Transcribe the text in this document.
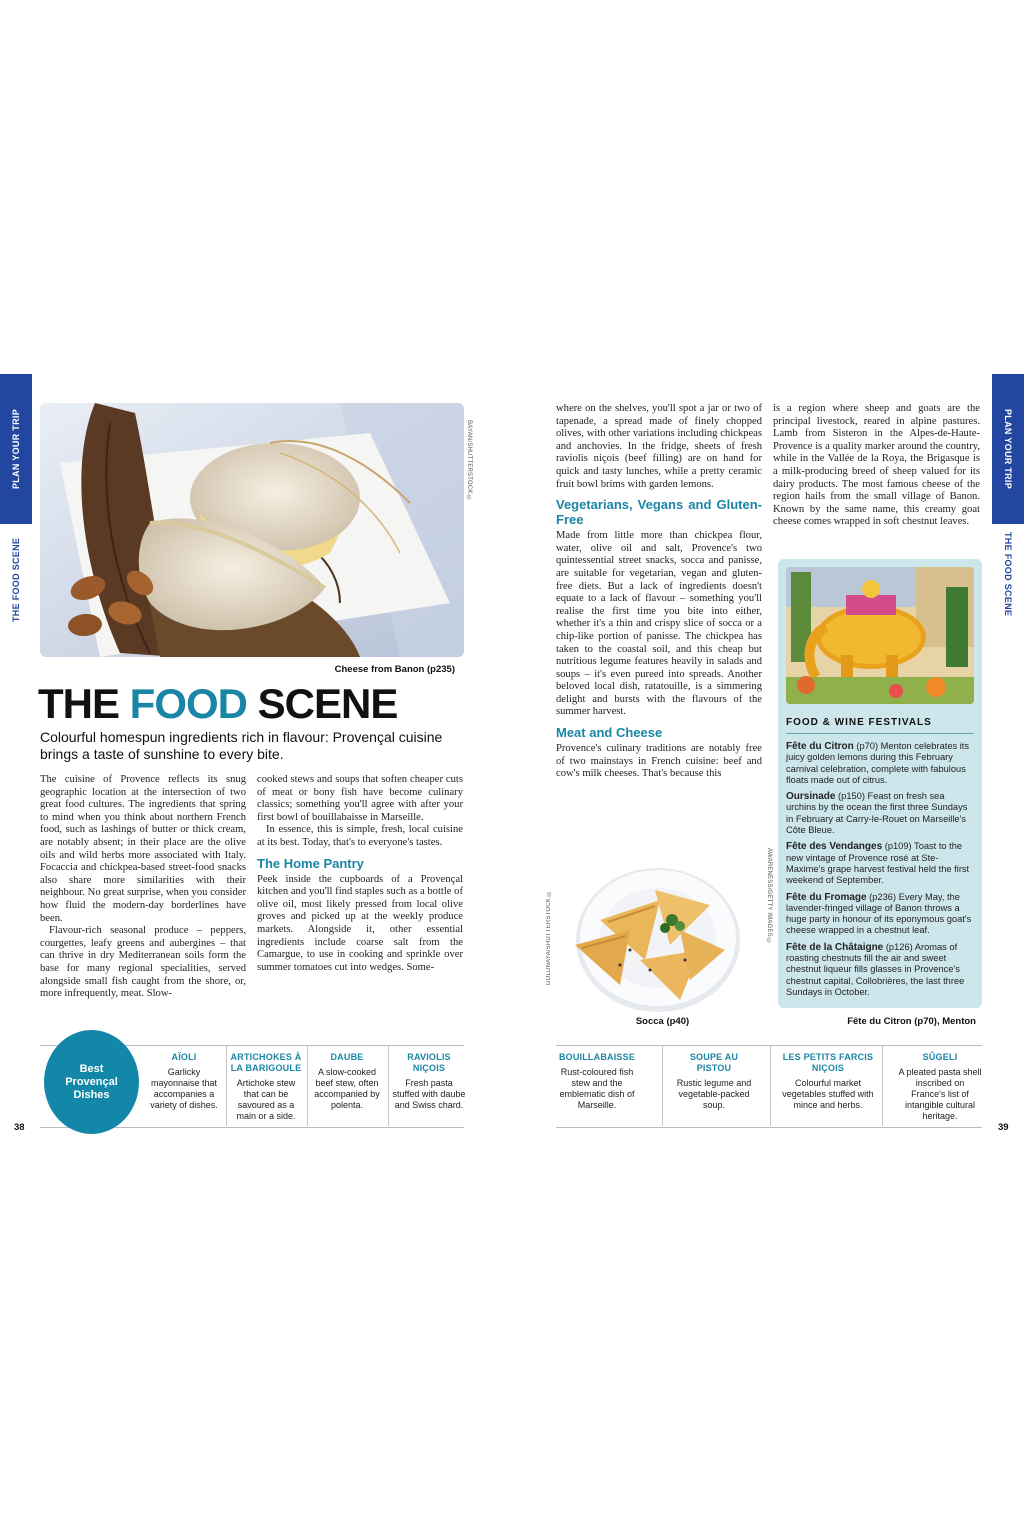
PLAN YOUR TRIP
THE FOOD SCENE
BAYAN/SHUTTERSTOCK ©
Cheese from Banon (p235)
THE FOOD SCENE
Colourful homespun ingredients rich in flavour: Provençal cuisine brings a taste of sunshine to every bite.

The cuisine of Provence reflects its snug geographic location at the intersection of two great food cultures. The ingredients that spring to mind when you think about northern French food, such as lashings of butter or thick cream, are notably absent; in their place are the olive oils and wild herbs more associated with Italy. Focaccia and chickpea-based street-food snacks also share more similarities with their neighbour. No great surprise, when you consider how fluid the modern-day borderlines have been.

Flavour-rich seasonal produce – peppers, courgettes, leafy greens and aubergines – that can thrive in dry Mediterranean soils form the base for many regional specialities, served alongside small fish caught from the shore, or, more infrequently, meat. Slow-

cooked stews and soups that soften cheaper cuts of meat or bony fish have become culinary classics; something you'll agree with after your first bowl of bouillabaisse in Marseille.

In essence, this is simple, fresh, local cuisine at its best. Today, that's to everyone's tastes.

The Home Pantry

Peek inside the cupboards of a Provençal kitchen and you'll find staples such as a bottle of olive oil, most likely pressed from local olive groves and picked up at the weekly produce markets. Alongside it, other essential ingredients include coarse salt from the Camargue, to use in cooking and sprinkle over summer tomatoes cut into wedges. Some-

where on the shelves, you'll spot a jar or two of tapenade, a spread made of finely chopped olives, with other variations including chickpeas and anchovies. In the fridge, sheets of fresh raviolis niçois (beef filling) are on hand for quick and tasty lunches, while a pretty ceramic fruit bowl brims with garden lemons.

Vegetarians, Vegans and Gluten-Free

Made from little more than chickpea flour, water, olive oil and salt, Provence's two quintessential street snacks, socca and panisse, are suitable for vegetarian, vegan and gluten-free diets. But a lack of ingredients doesn't equate to a lack of flavour – something you'll realise the first time you bite into either, whether it's a thin and crispy slice of socca or a chip-like portion of panisse. The chickpea has taken to the coastal soil, and this cheap but nutritious legume features heavily in salads and soups – it's even pureed into spreads. Another beloved local dish, ratatouille, is a simmering delight and bursts with the flavours of the summer harvest.

Meat and Cheese

Provence's culinary traditions are notably free of two mainstays in French cuisine: beef and cow's milk cheeses. That's because this

is a region where sheep and goats are the principal livestock, reared in alpine pastures. Lamb from Sisteron in the Alpes-de-Haute-Provence is a quality marker around the country, while in the Vallée de la Roya, the Brigasque is a milk-producing breed of sheep valued for its dairy products. The most famous cheese of the region hails from the small village of Banon. Known by the same name, this creamy goat cheese comes wrapped in soft chestnut leaves.

GOLDNAYA/SHUTTERSTOCK ©
Socca (p40)
AWARENESS/GETTY IMAGES ©
FOOD & WINE FESTIVALS
Fête du Citron (p70) Menton celebrates its juicy golden lemons during this February carnival celebration, complete with fabulous floats made out of citrus.
Oursinade (p150) Feast on fresh sea urchins by the ocean the first three Sundays in February at Carry-le-Rouet on Marseille's Côte Bleue.
Fête des Vendanges (p109) Toast to the new vintage of Provence rosé at Ste-Maxime's grape harvest festival held the first weekend of September.
Fête du Fromage (p236) Every May, the lavender-fringed village of Banon throws a huge party in honour of its eponymous goat's cheese wrapped in a chestnut leaf.
Fête de la Châtaigne (p126) Aromas of roasting chestnuts fill the air and sweet chestnut liqueur fills glasses in Provence's chestnut capital, Collobrières, the last three Sundays in October.
Fête du Citron (p70), Menton
PLAN YOUR TRIP
THE FOOD SCENE
Best Provençal Dishes
AÏOLI
Garlicky mayonnaise that accompanies a variety of dishes.
ARTICHOKES À LA BARIGOULE
Artichoke stew that can be savoured as a main or a side.
DAUBE
A slow-cooked beef stew, often accompanied by polenta.
RAVIOLIS NIÇOIS
Fresh pasta stuffed with daube and Swiss chard.
BOUILLABAISSE
Rust-coloured fish stew and the emblematic dish of Marseille.
SOUPE AU PISTOU
Rustic legume and vegetable-packed soup.
LES PETITS FARCIS NIÇOIS
Colourful market vegetables stuffed with mince and herbs.
SÛGELI
A pleated pasta shell inscribed on France's list of intangible cultural heritage.
38	39
